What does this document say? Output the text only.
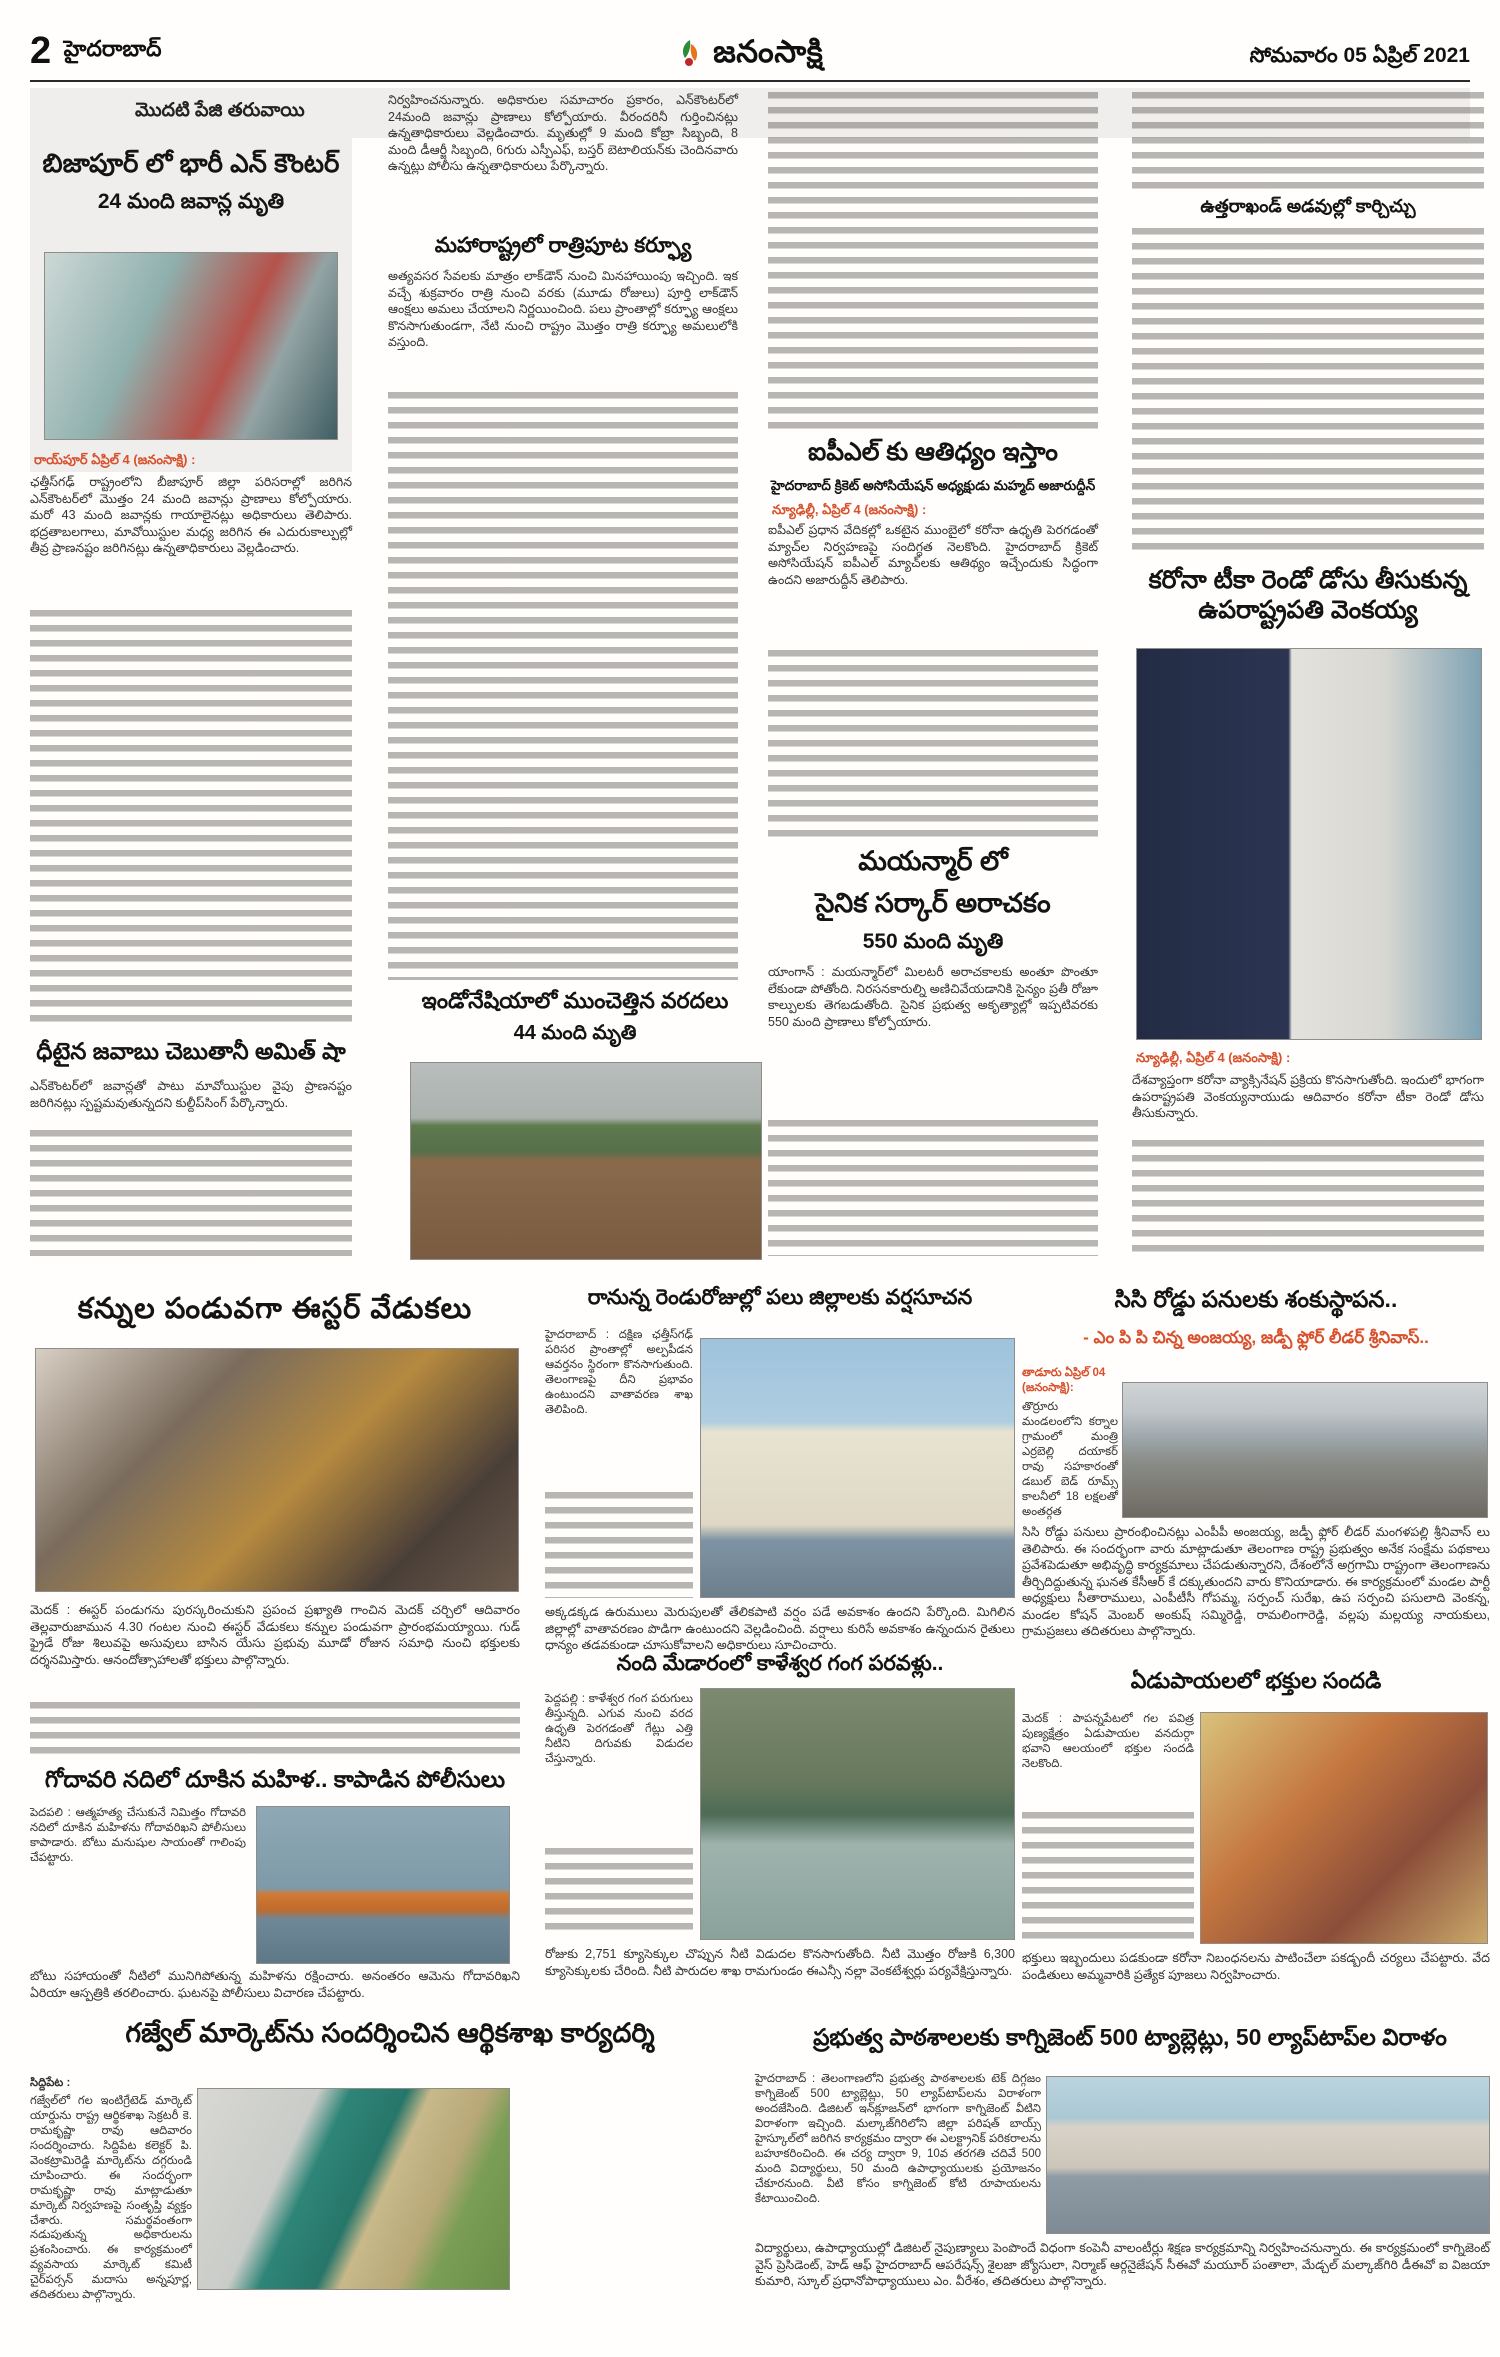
2 హైదరాబాద్	జనంసాక్షి	సోమవారం 05 ఏప్రిల్ 2021
మొదటి పేజి తరువాయి
బిజాపూర్ లో భారీ ఎన్ కౌంటర్
24 మంది జవాన్ల మృతి
రాయ్‌పూర్ ఏప్రిల్ 4 (జనంసాక్షి) :
ఛత్తీస్‌గఢ్ రాష్ట్రంలోని బీజాపూర్ జిల్లా పరిసరాల్లో జరిగిన ఎన్‌కౌంటర్‌లో మొత్తం 24 మంది జవాన్లు ప్రాణాలు కోల్పోయారు. మరో 43 మంది జవాన్లకు గాయాలైనట్లు అధికారులు తెలిపారు. భద్రతాబలగాలు, మావోయిస్టుల మధ్య జరిగిన ఈ ఎదురుకాల్పుల్లో తీవ్ర ప్రాణనష్టం జరిగినట్లు ఉన్నతాధికారులు వెల్లడించారు.
ధీటైన జవాబు చెబుతానీ అమిత్ షా
ఎన్‌కౌంటర్‌లో జవాన్లతో పాటు మావోయిస్టుల వైపు ప్రాణనష్టం జరిగినట్లు స్పష్టమవుతున్నదని కుల్దీప్‌సింగ్ పేర్కొన్నారు.
నిర్వహించనున్నారు. అధికారుల సమాచారం ప్రకారం, ఎన్‌కౌంటర్‌లో 24మంది జవాన్లు ప్రాణాలు కోల్పోయారు. వీరందరినీ గుర్తించినట్లు ఉన్నతాధికారులు వెల్లడించారు. మృతుల్లో 9 మంది కోబ్రా సిబ్బంది, 8 మంది డీఆర్జీ సిబ్బంది, 6గురు ఎస్పీఎఫ్, బస్తర్ బెటాలియన్‌కు చెందినవారు ఉన్నట్లు పోలీసు ఉన్నతాధికారులు పేర్కొన్నారు.
మహారాష్ట్రలో రాత్రిపూట కర్ఫ్యూ
అత్యవసర సేవలకు మాత్రం లాక్‌డౌన్ నుంచి మినహాయింపు ఇచ్చింది. ఇక వచ్చే శుక్రవారం రాత్రి నుంచి వరకు (మూడు రోజులు) పూర్తి లాక్‌డౌన్ ఆంక్షలు అమలు చేయాలని నిర్ణయించింది. పలు ప్రాంతాల్లో కర్ఫ్యూ ఆంక్షలు కొనసాగుతుండగా, నేటి నుంచి రాష్ట్రం మొత్తం రాత్రి కర్ఫ్యూ అమలులోకి వస్తుంది.
ఇండోనేషియాలో ముంచెత్తిన వరదలు
44 మంది మృతి
ఐపీఎల్ కు ఆతిధ్యం ఇస్తాం
హైదరాబాద్ క్రికెట్ అసోసియేషన్ అధ్యక్షుడు మహ్మద్ అజారుద్దీన్
న్యూఢిల్లీ, ఏప్రిల్ 4 (జనంసాక్షి) :
ఐపీఎల్ ప్రధాన వేదికల్లో ఒకటైన ముంబైలో కరోనా ఉధృతి పెరగడంతో మ్యాచ్‌ల నిర్వహణపై సందిగ్ధత నెలకొంది. హైదరాబాద్ క్రికెట్ అసోసియేషన్ ఐపీఎల్ మ్యాచ్‌లకు ఆతిథ్యం ఇచ్చేందుకు సిద్ధంగా ఉందని అజారుద్దీన్ తెలిపారు.
మయన్మార్ లో
సైనిక సర్కార్ అరాచకం
550 మంది మృతి
యాంగాన్ : మయన్మార్‌లో మిలటరీ అరాచకాలకు అంతూ పొంతూ లేకుండా పోతోంది. నిరసనకారుల్ని అణిచివేయడానికి సైన్యం ప్రతీ రోజూ కాల్పులకు తెగబడుతోంది. సైనిక ప్రభుత్వ అకృత్యాల్లో ఇప్పటివరకు 550 మంది ప్రాణాలు కోల్పోయారు.
ఉత్తరాఖండ్ అడవుల్లో కార్చిచ్చు
కరోనా టీకా రెండో డోసు తీసుకున్న ఉపరాష్ట్రపతి వెంకయ్య
న్యూఢిల్లీ, ఏప్రిల్ 4 (జనంసాక్షి) :
దేశవ్యాప్తంగా కరోనా వ్యాక్సినేషన్ ప్రక్రియ కొనసాగుతోంది. ఇందులో భాగంగా ఉపరాష్ట్రపతి వెంకయ్యనాయుడు ఆదివారం కరోనా టీకా రెండో డోసు తీసుకున్నారు.
కన్నుల పండువగా ఈస్టర్ వేడుకలు
మెదక్ : ఈస్టర్ పండుగను పురస్కరించుకుని ప్రపంచ ప్రఖ్యాతి గాంచిన మెదక్ చర్చిలో ఆదివారం తెల్లవారుజామున 4.30 గంటల నుంచి ఈస్టర్ వేడుకలు కన్నుల పండువగా ప్రారంభమయ్యాయి. గుడ్ ఫ్రైడే రోజు శిలువపై అసువులు బాసిన యేసు ప్రభువు మూడో రోజున సమాధి నుంచి భక్తులకు దర్శనమిస్తారు. ఆనందోత్సాహాలతో భక్తులు పాల్గొన్నారు.
గోదావరి నదిలో దూకిన మహిళ.. కాపాడిన పోలీసులు
పెదపలి : ఆత్మహత్య చేసుకునే నిమిత్తం గోదావరి నదిలో దూకిన మహిళను గోదావరిఖని పోలీసులు కాపాడారు. బోటు మనుషుల సాయంతో గాలింపు చేపట్టారు.
బోటు సహాయంతో నీటిలో మునిగిపోతున్న మహిళను రక్షించారు. అనంతరం ఆమెను గోదావరిఖని ఏరియా ఆస్పత్రికి తరలించారు. ఘటనపై పోలీసులు విచారణ చేపట్టారు.
రానున్న రెండురోజుల్లో పలు జిల్లాలకు వర్షసూచన
హైదరాబాద్ : దక్షిణ ఛత్తీస్‌గఢ్ పరిసర ప్రాంతాల్లో అల్పపీడన ఆవర్తనం స్థిరంగా కొనసాగుతుంది. తెలంగాణపై దీని ప్రభావం ఉంటుందని వాతావరణ శాఖ తెలిపింది.
అక్కడక్కడ ఉరుములు మెరుపులతో తేలికపాటి వర్షం పడే అవకాశం ఉందని పేర్కొంది. మిగిలిన జిల్లాల్లో వాతావరణం పొడిగా ఉంటుందని వెల్లడించింది. వర్షాలు కురిసే అవకాశం ఉన్నందున రైతులు ధాన్యం తడవకుండా చూసుకోవాలని అధికారులు సూచించారు.
నంది మేడారంలో కాళేశ్వర గంగ పరవళ్లు..
పెద్దపల్లి : కాళేశ్వర గంగ పరుగులు తీస్తున్నది. ఎగువ నుంచి వరద ఉధృతి పెరగడంతో గేట్లు ఎత్తి నీటిని దిగువకు విడుదల చేస్తున్నారు.
రోజుకు 2,751 క్యూసెక్కుల చొప్పున నీటి విడుదల కొనసాగుతోంది. నీటి మొత్తం రోజుకి 6,300 క్యూసెక్కులకు చేరింది. నీటి పారుదల శాఖ రామగుండం ఈఎన్సీ నల్లా వెంకటేశ్వర్లు పర్యవేక్షిస్తున్నారు.
సిసి రోడ్డు పనులకు శంకుస్థాపన..
- ఎం పి పి చిన్న అంజయ్య, జడ్పీ ఫ్లోర్ లీడర్ శ్రీనివాస్..
తాడూరు ఏప్రిల్ 04 (జనంసాక్షి):
తొర్రూరు మండలంలోని కర్నాల గ్రామంలో మంత్రి ఎర్రబెల్లి దయాకర్ రావు సహకారంతో డబుల్ బెడ్ రూమ్స్ కాలనీలో 18 లక్షలతో అంతర్గత
సిసి రోడ్డు పనులు ప్రారంభించినట్లు ఎంపీపీ అంజయ్య, జడ్పీ ఫ్లోర్ లీడర్ మంగళపల్లి శ్రీనివాస్ లు తెలిపారు. ఈ సందర్భంగా వారు మాట్లాడుతూ తెలంగాణ రాష్ట్ర ప్రభుత్వం అనేక సంక్షేమ పథకాలు ప్రవేశపెడుతూ అభివృద్ధి కార్యక్రమాలు చేపడుతున్నారని, దేశంలోనే అగ్రగామి రాష్ట్రంగా తెలంగాణను తీర్చిదిద్దుతున్న ఘనత కేసీఆర్ కే దక్కుతుందని వారు కొనియాడారు. ఈ కార్యక్రమంలో మండల పార్టీ అధ్యక్షులు సీతారాములు, ఎంపీటీసీ గోపమ్మ, సర్పంచ్ సురేఖ, ఉప సర్పంచి పసులాది వెంకన్న, మండల కోషన్ మెంబర్ అంకుష్ సమ్మిరెడ్డి, రామలింగారెడ్డి, వల్లపు మల్లయ్య నాయకులు, గ్రామప్రజలు తదితరులు పాల్గొన్నారు.
ఏడుపాయలలో భక్తుల సందడి
మెదక్ : పాపన్నపేటలో గల పవిత్ర పుణ్యక్షేత్రం ఏడుపాయల వనదుర్గా భవాని ఆలయంలో భక్తుల సందడి నెలకొంది.
భక్తులు ఇబ్బందులు పడకుండా కరోనా నిబంధనలను పాటించేలా పకడ్బందీ చర్యలు చేపట్టారు. వేద పండితులు అమ్మవారికి ప్రత్యేక పూజలు నిర్వహించారు.
గజ్వేల్ మార్కెట్‌ను సందర్శించిన ఆర్థికశాఖ కార్యదర్శి
సిద్దిపేట :
గజ్వేల్‌లో గల ఇంటిగ్రేటెడ్ మార్కెట్ యార్డును రాష్ట్ర ఆర్థికశాఖ సెక్రటరీ కె. రామకృష్ణా రావు ఆదివారం సందర్శించారు. సిద్దిపేట కలెక్టర్ పి. వెంకట్రామిరెడ్డి మార్కెట్‌ను దగ్గరుండి చూపించారు. ఈ సందర్భంగా రామకృష్ణా రావు మాట్లాడుతూ మార్కెట్ నిర్వహణపై సంతృప్తి వ్యక్తం చేశారు. సమర్థవంతంగా నడుపుతున్న అధికారులను ప్రశంసించారు. ఈ కార్యక్రమంలో వ్యవసాయ మార్కెట్ కమిటీ చైర్‌పర్సన్ మదాసు అన్నపూర్ణ, తదితరులు పాల్గొన్నారు.
ప్రభుత్వ పాఠశాలలకు కాగ్నిజెంట్ 500 ట్యాబ్లెట్లు, 50 ల్యాప్‌టాప్‌ల విరాళం
హైదరాబాద్ : తెలంగాణలోని ప్రభుత్వ పాఠశాలలకు టెక్ దిగ్గజం కాగ్నిజెంట్ 500 ట్యాబ్లెట్లు, 50 ల్యాప్‌టాప్‌లను విరాళంగా అందజేసింది. డిజిటల్ ఇన్‌క్లూజన్‌లో భాగంగా కాగ్నిజెంట్ వీటిని విరాళంగా ఇచ్చింది. మల్కాజ్‌గిరిలోని జిల్లా పరిషత్ బాయ్స్ హైస్కూల్‌లో జరిగిన కార్యక్రమం ద్వారా ఈ ఎలక్ట్రానిక్ పరికరాలను బహూకరించింది. ఈ చర్య ద్వారా 9, 10వ తరగతి చదివే 500 మంది విద్యార్థులు, 50 మంది ఉపాధ్యాయులకు ప్రయోజనం చేకూరనుంది. వీటి కోసం కాగ్నిజెంట్ కోటి రూపాయలను కేటాయించింది.
విద్యార్థులు, ఉపాధ్యాయుల్లో డిజిటల్ నైపుణ్యాలు పెంపొందే విధంగా కంపెనీ వాలంటీర్లు శిక్షణ కార్యక్రమాన్ని నిర్వహించనున్నారు. ఈ కార్యక్రమంలో కాగ్నిజెంట్ వైస్ ప్రెసిడెంట్, హెడ్ ఆఫ్ హైదరాబాద్ ఆపరేషన్స్ శైలజా జ్యోసులా, నిర్మాణ్ ఆర్గనైజేషన్ సీఈవో మయూర్ పంతాలా, మేడ్చల్ మల్కాజ్‌గిరి డీఈవో ఐ విజయా కుమారి, స్కూల్ ప్రధానోపాధ్యాయులు ఎం. వీరేశం, తదితరులు పాల్గొన్నారు.
